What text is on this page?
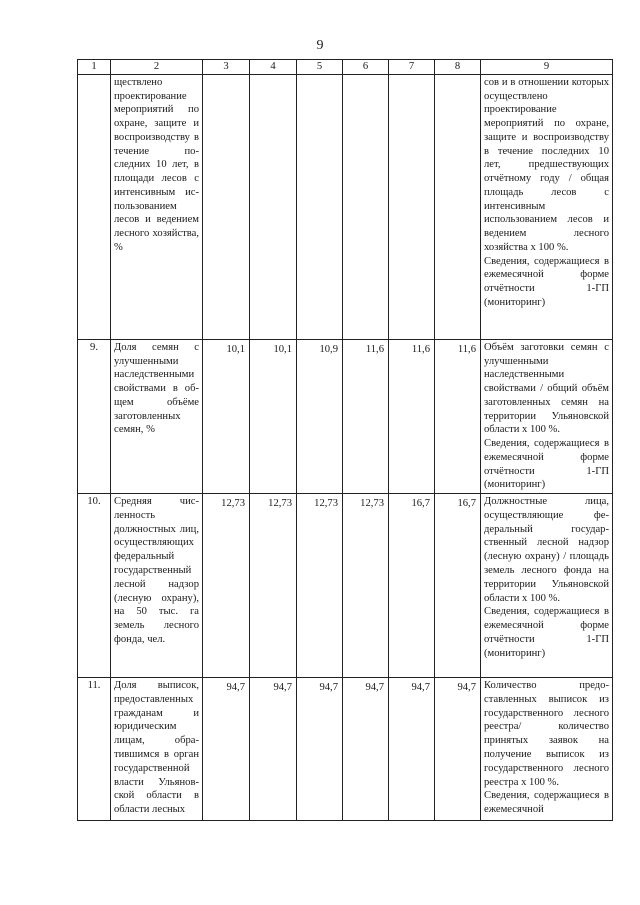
9
1	2	3	4	5	6	7	8	9
	ществлено проектирование мероприятий по охране, защите и воспроизводству в течение последних 10 лет, в площади лесов с интенсивным использованием лесов и ведением лесного хозяйства, %							сов и в отношении которых осуществлено проектирование мероприятий по охране, защите и воспроизводству в течение последних 10 лет, предшествующих отчётному году / общая площадь лесов с интенсивным использованием лесов и ведением лесного хозяйства х 100 %.
Сведения, содержащиеся в ежемесячной форме отчётности 1-ГП (мониторинг)

9.	Доля семян с улучшенными наследственными свойствами в общем объёме заготовленных семян, %	10,1	10,1	10,9	11,6	11,6	11,6	Объём заготовки семян с улучшенными наследственными свойствами / общий объём заготовленных семян на территории Ульяновской области х 100 %.
Сведения, содержащиеся в ежемесячной форме отчётности 1-ГП (мониторинг)

10.	Средняя численность должностных лиц, осуществляющих федеральный государственный лесной надзор (лесную охрану), на 50 тыс. га земель лесного фонда, чел.	12,73	12,73	12,73	12,73	16,7	16,7	Должностные лица, осуществляющие федеральный государственный лесной надзор (лесную охрану) / площадь земель лесного фонда на территории Ульяновской области х 100 %.
Сведения, содержащиеся в ежемесячной форме отчётности 1-ГП (мониторинг)

11.	Доля выписок, предоставленных гражданам и юридическим лицам, обратившимся в орган государственной власти Ульяновской области в области лесных	94,7	94,7	94,7	94,7	94,7	94,7	Количество предоставленных выписок из государственного лесного реестра/ количество принятых заявок на получение выписок из государственного лесного реестра х 100 %.
Сведения, содержащиеся в ежемесячной
